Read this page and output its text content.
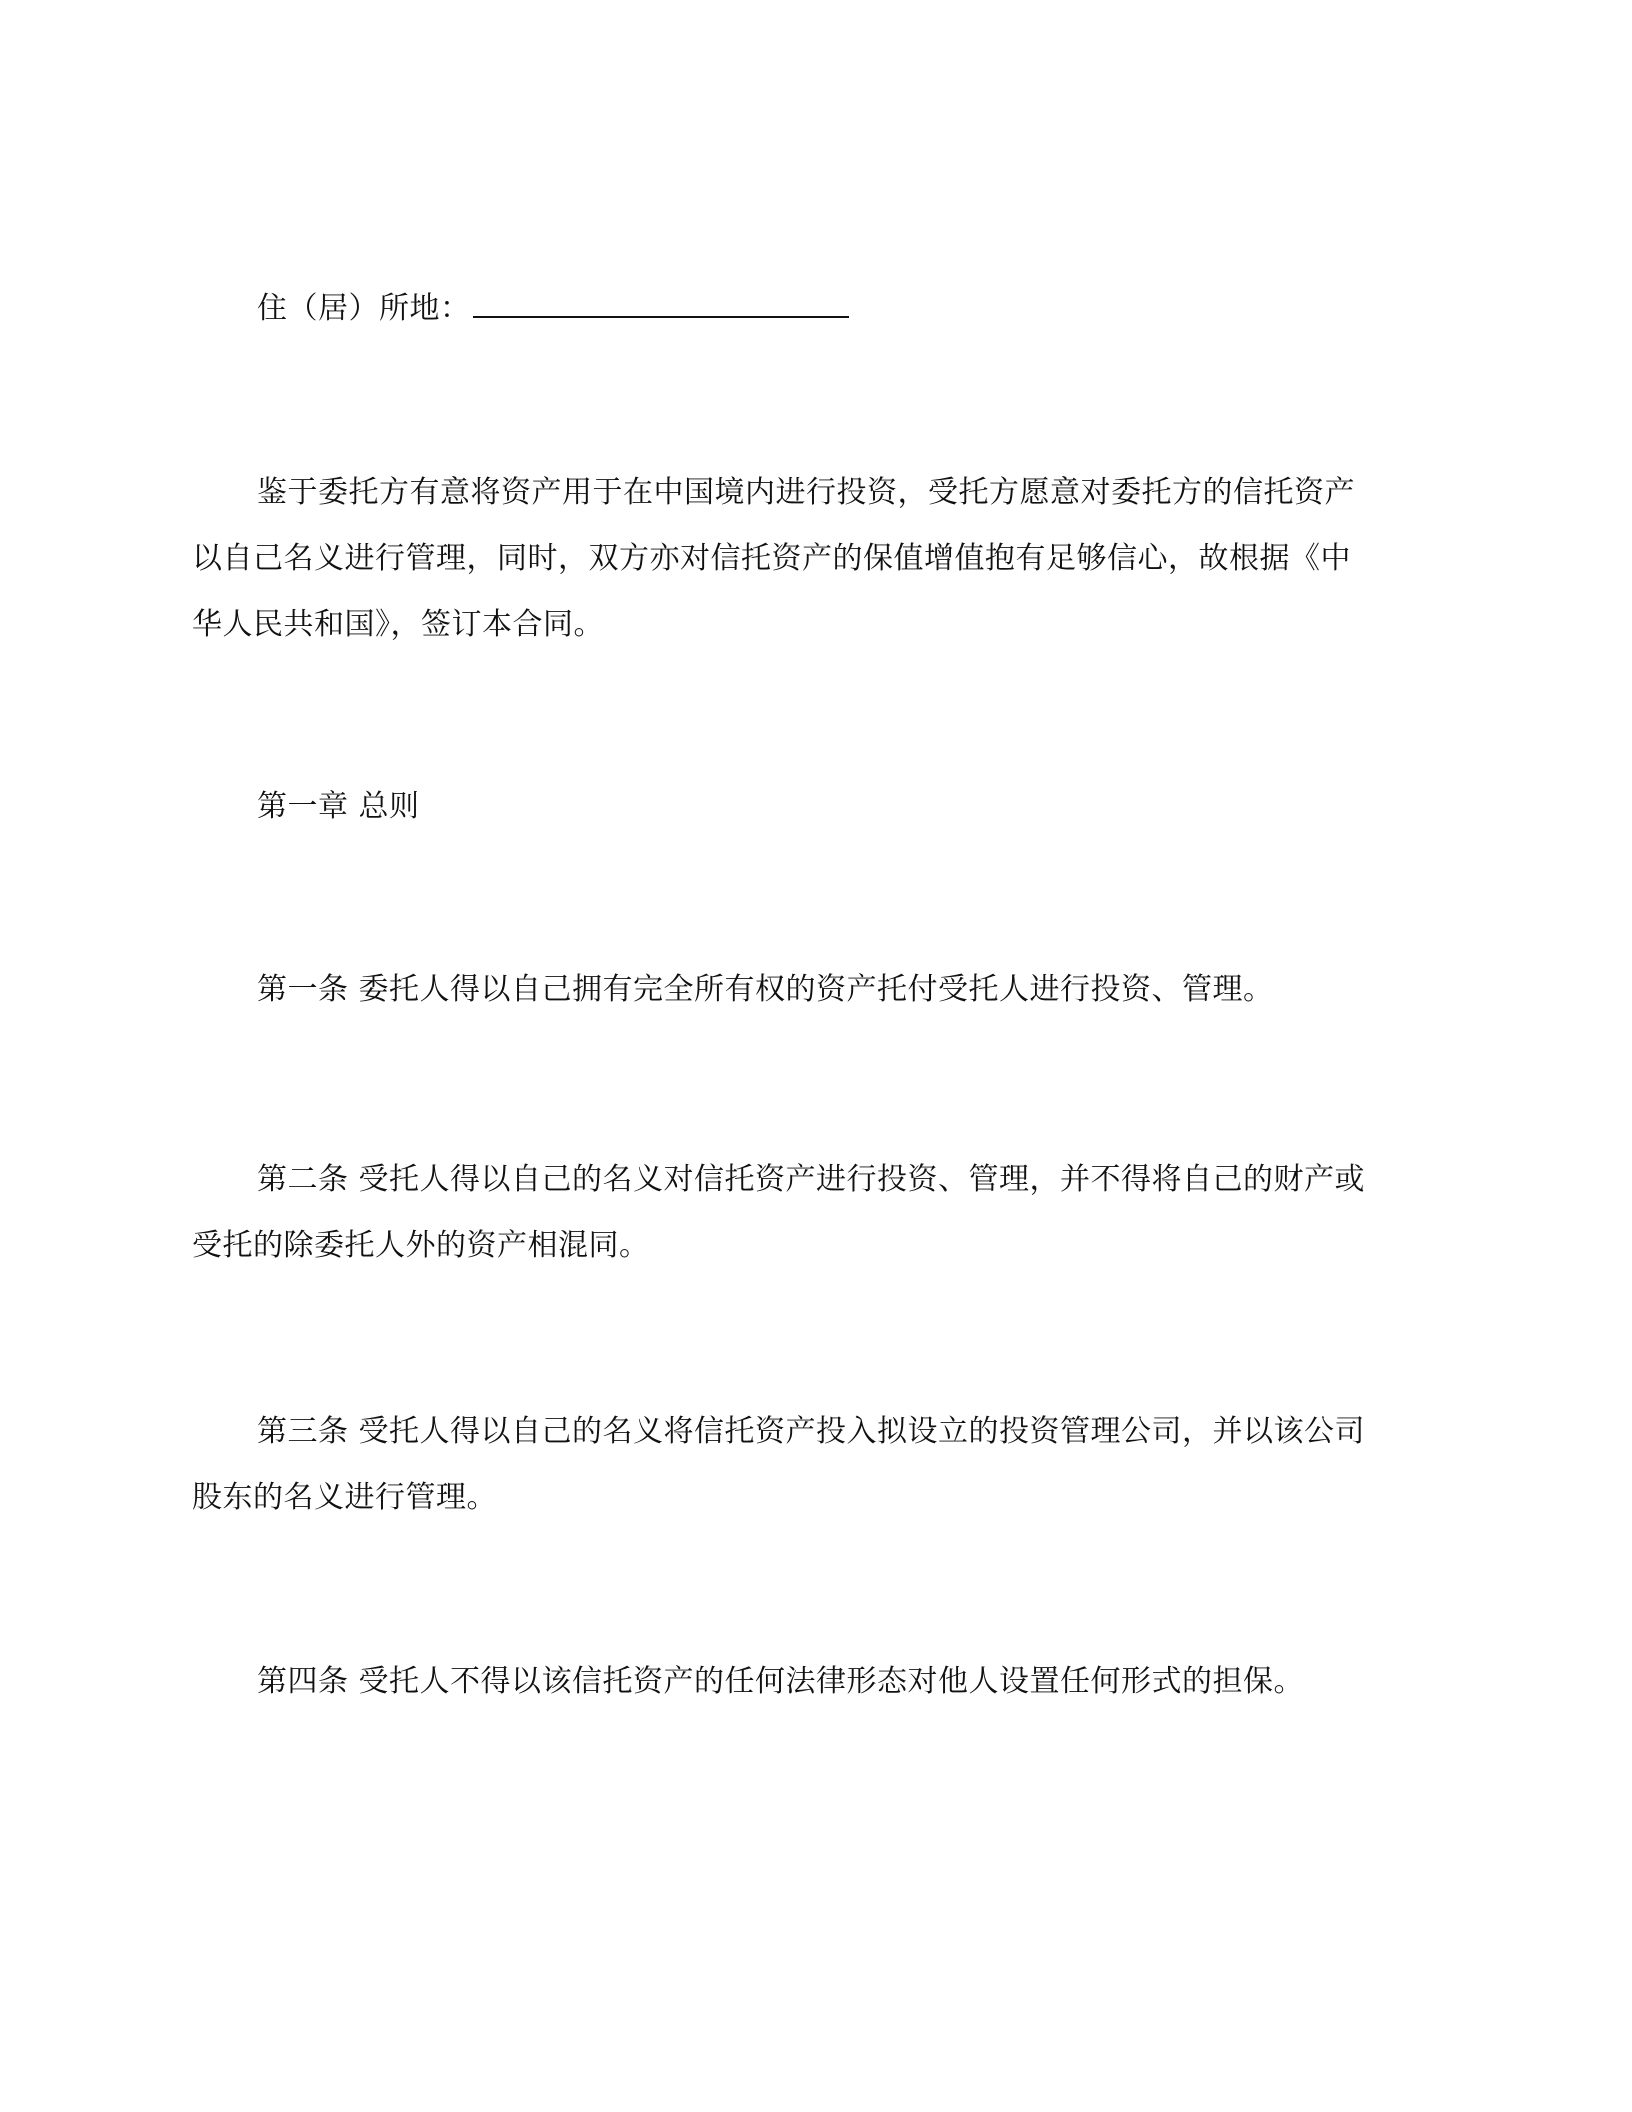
住（居）所地：
鉴于委托方有意将资产用于在中国境内进行投资，受托方愿意对委托方的信托资产
以自己名义进行管理，同时，双方亦对信托资产的保值增值抱有足够信心，故根据《中
华人民共和国》，签订本合同。
第一章 总则
第一条 委托人得以自己拥有完全所有权的资产托付受托人进行投资、管理。
第二条 受托人得以自己的名义对信托资产进行投资、管理，并不得将自己的财产或
受托的除委托人外的资产相混同。
第三条 受托人得以自己的名义将信托资产投入拟设立的投资管理公司，并以该公司
股东的名义进行管理。
第四条 受托人不得以该信托资产的任何法律形态对他人设置任何形式的担保。
